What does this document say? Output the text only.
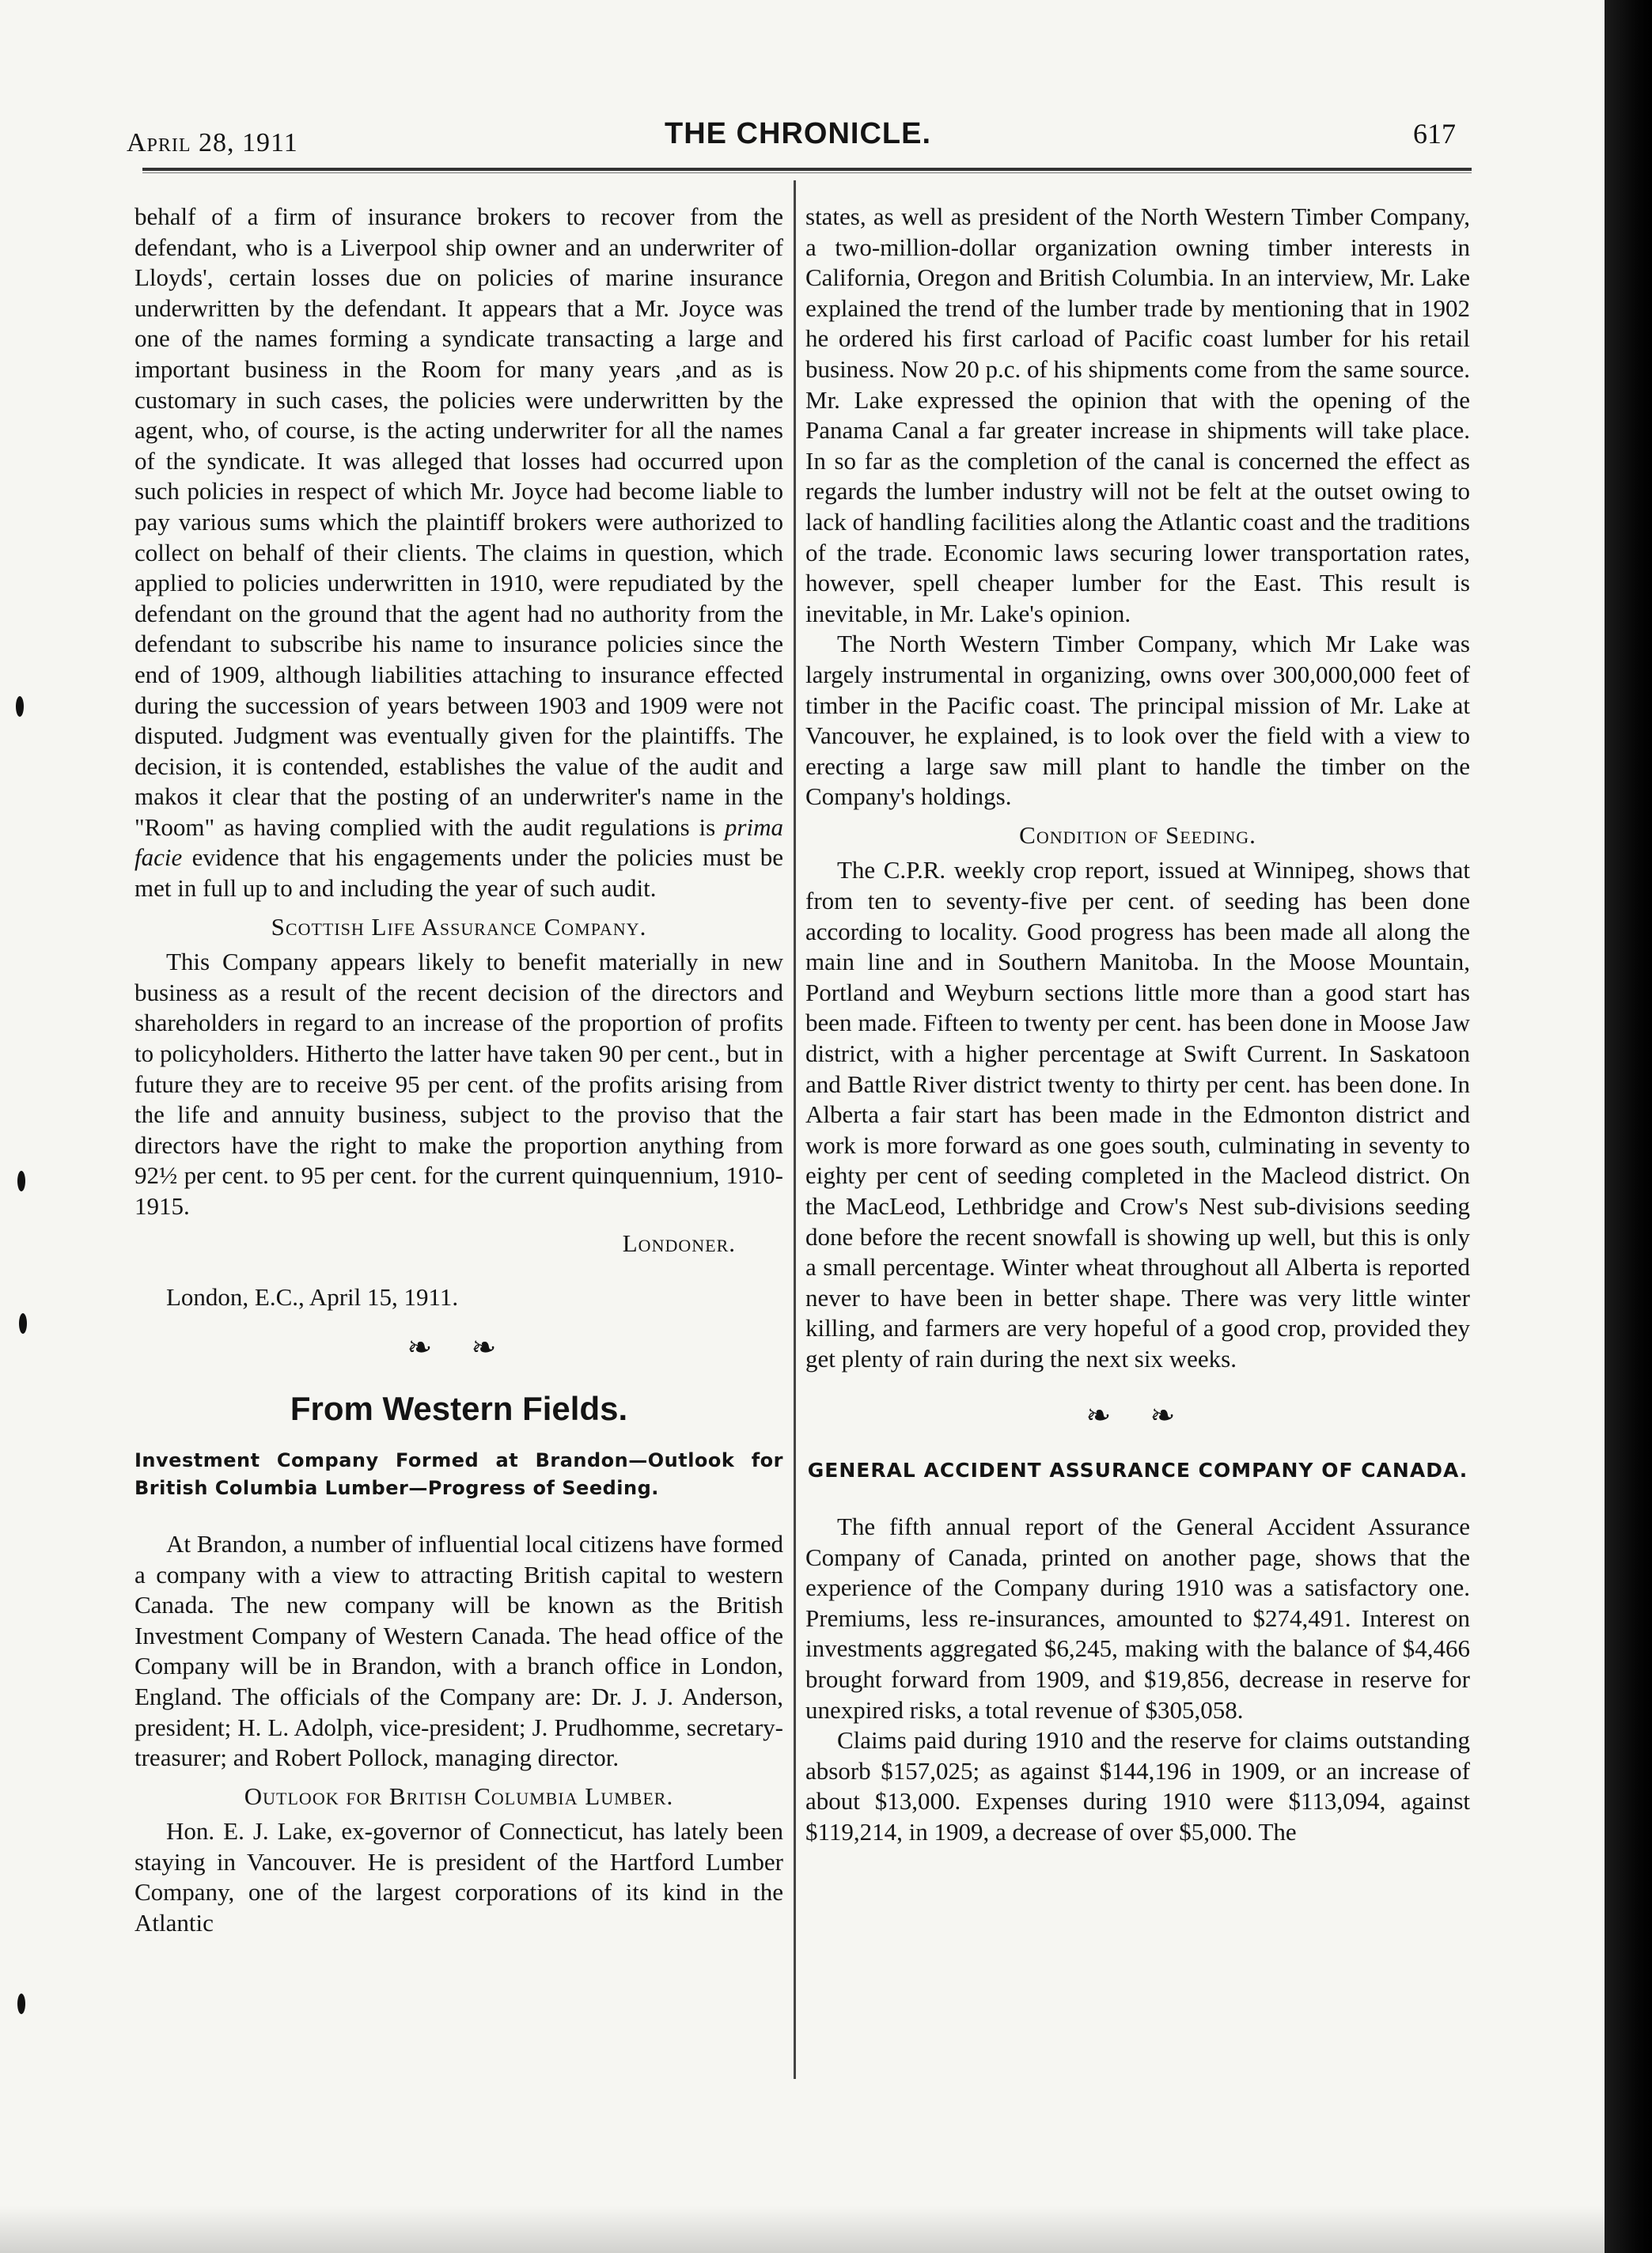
April 28, 1911	THE CHRONICLE.	617

behalf of a firm of insurance brokers to recover from the defendant, who is a Liverpool ship owner and an underwriter of Lloyds', certain losses due on policies of marine insurance underwritten by the defendant. It appears that a Mr. Joyce was one of the names forming a syndicate transacting a large and important business in the Room for many years ,and as is customary in such cases, the policies were underwritten by the agent, who, of course, is the acting underwriter for all the names of the syndicate. It was alleged that losses had occurred upon such policies in respect of which Mr. Joyce had become liable to pay various sums which the plaintiff brokers were authorized to collect on behalf of their clients. The claims in question, which applied to policies underwritten in 1910, were repudiated by the defendant on the ground that the agent had no authority from the defendant to subscribe his name to insurance policies since the end of 1909, although liabilities attaching to insurance effected during the succession of years between 1903 and 1909 were not disputed. Judgment was eventually given for the plaintiffs. The decision, it is contended, establishes the value of the audit and makos it clear that the posting of an underwriter's name in the "Room" as having complied with the audit regulations is prima facie evidence that his engagements under the policies must be met in full up to and including the year of such audit.

Scottish Life Assurance Company.

This Company appears likely to benefit materially in new business as a result of the recent decision of the directors and shareholders in regard to an increase of the proportion of profits to policyholders. Hitherto the latter have taken 90 per cent., but in future they are to receive 95 per cent. of the profits arising from the life and annuity business, subject to the proviso that the directors have the right to make the proportion anything from 92½ per cent. to 95 per cent. for the current quinquennium, 1910-1915.

Londoner.
London, E.C., April 15, 1911.
❧ ❧
From Western Fields.
Investment Company Formed at Brandon—Outlook for British Columbia Lumber—Progress of Seeding.

At Brandon, a number of influential local citizens have formed a company with a view to attracting British capital to western Canada. The new company will be known as the British Investment Company of Western Canada. The head office of the Company will be in Brandon, with a branch office in London, England. The officials of the Company are: Dr. J. J. Anderson, president; H. L. Adolph, vice-president; J. Prudhomme, secretary-treasurer; and Robert Pollock, managing director.

Outlook for British Columbia Lumber.

Hon. E. J. Lake, ex-governor of Connecticut, has lately been staying in Vancouver. He is president of the Hartford Lumber Company, one of the largest corporations of its kind in the Atlantic

states, as well as president of the North Western Timber Company, a two-million-dollar organization owning timber interests in California, Oregon and British Columbia. In an interview, Mr. Lake explained the trend of the lumber trade by mentioning that in 1902 he ordered his first carload of Pacific coast lumber for his retail business. Now 20 p.c. of his shipments come from the same source. Mr. Lake expressed the opinion that with the opening of the Panama Canal a far greater increase in shipments will take place. In so far as the completion of the canal is concerned the effect as regards the lumber industry will not be felt at the outset owing to lack of handling facilities along the Atlantic coast and the traditions of the trade. Economic laws securing lower transportation rates, however, spell cheaper lumber for the East. This result is inevitable, in Mr. Lake's opinion.

The North Western Timber Company, which Mr Lake was largely instrumental in organizing, owns over 300,000,000 feet of timber in the Pacific coast. The principal mission of Mr. Lake at Vancouver, he explained, is to look over the field with a view to erecting a large saw mill plant to handle the timber on the Company's holdings.

Condition of Seeding.

The C.P.R. weekly crop report, issued at Winnipeg, shows that from ten to seventy-five per cent. of seeding has been done according to locality. Good progress has been made all along the main line and in Southern Manitoba. In the Moose Mountain, Portland and Weyburn sections little more than a good start has been made. Fifteen to twenty per cent. has been done in Moose Jaw district, with a higher percentage at Swift Current. In Saskatoon and Battle River district twenty to thirty per cent. has been done. In Alberta a fair start has been made in the Edmonton district and work is more forward as one goes south, culminating in seventy to eighty per cent of seeding completed in the Macleod district. On the MacLeod, Lethbridge and Crow's Nest sub-divisions seeding done before the recent snowfall is showing up well, but this is only a small percentage. Winter wheat throughout all Alberta is reported never to have been in better shape. There was very little winter killing, and farmers are very hopeful of a good crop, provided they get plenty of rain during the next six weeks.

❧ ❧
GENERAL ACCIDENT ASSURANCE COMPANY OF CANADA.

The fifth annual report of the General Accident Assurance Company of Canada, printed on another page, shows that the experience of the Company during 1910 was a satisfactory one. Premiums, less re-insurances, amounted to $274,491. Interest on investments aggregated $6,245, making with the balance of $4,466 brought forward from 1909, and $19,856, decrease in reserve for unexpired risks, a total revenue of $305,058.

Claims paid during 1910 and the reserve for claims outstanding absorb $157,025; as against $144,196 in 1909, or an increase of about $13,000. Expenses during 1910 were $113,094, against $119,214, in 1909, a decrease of over $5,000. The
